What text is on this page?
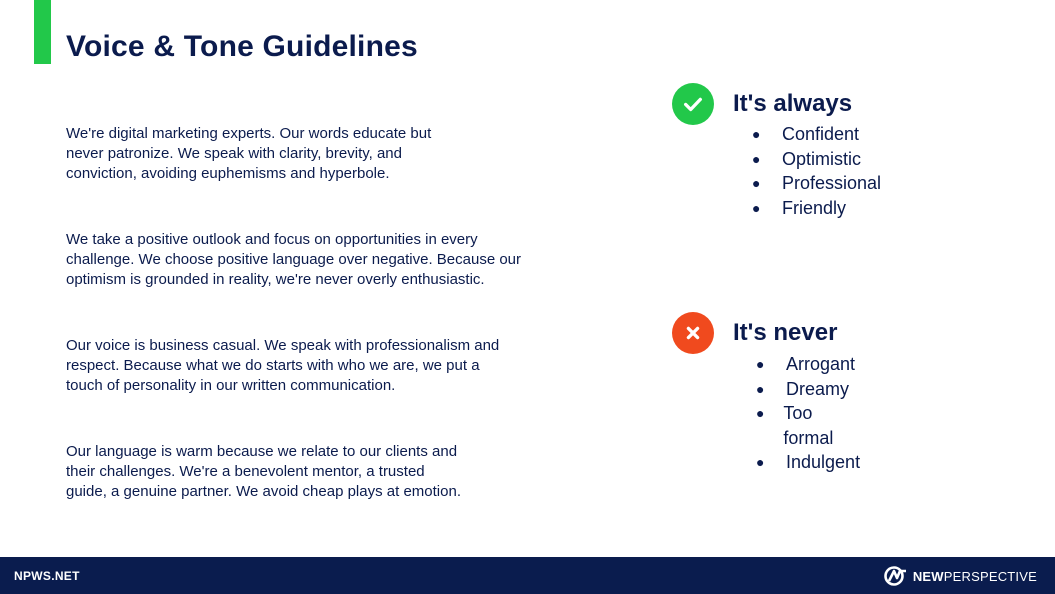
Voice & Tone Guidelines

We're digital marketing experts. Our words educate but
never patronize. We speak with clarity, brevity, and
conviction, avoiding euphemisms and hyperbole.

We take a positive outlook and focus on opportunities in every
challenge. We choose positive language over negative. Because our
optimism is grounded in reality, we're never overly enthusiastic.

Our voice is business casual. We speak with professionalism and
respect. Because what we do starts with who we are, we put a
touch of personality in our written communication.

Our language is warm because we relate to our clients and
their challenges. We're a benevolent mentor, a trusted
guide, a genuine partner. We avoid cheap plays at emotion.

It's always
●	Confident
●	Optimistic
●	Professional
●	Friendly
It's never
●	Arrogant
●	Dreamy
●	Too formal
●	Indulgent

NPWS.NET	NEWPERSPECTIVE
